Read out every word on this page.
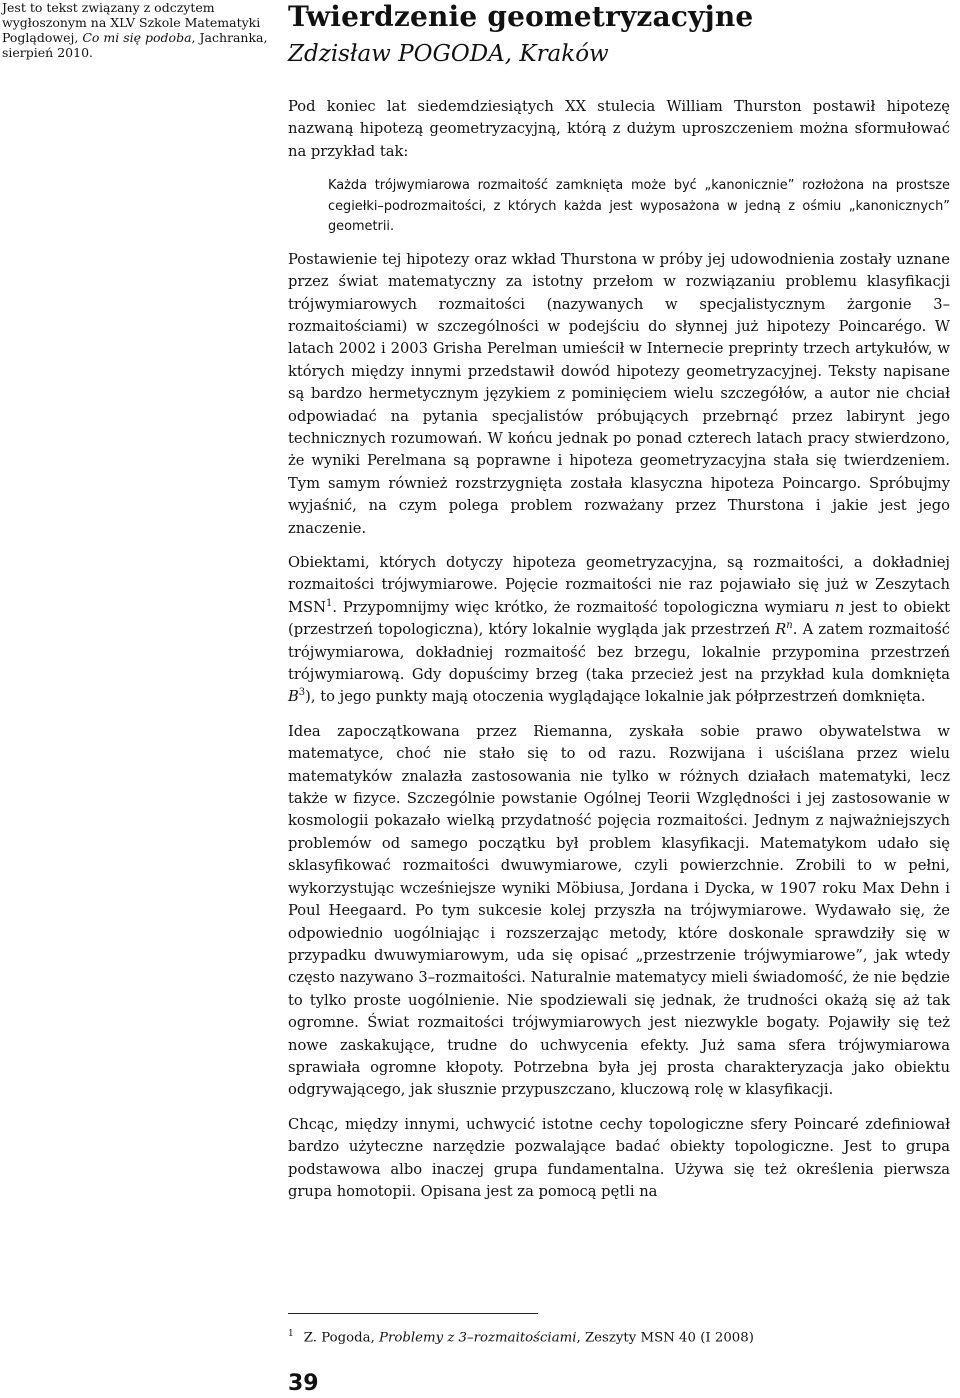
Jest to tekst związany z odczytem
wygłoszonym na XLV Szkole Matematyki
Poglądowej, Co mi się podoba, Jachranka,
sierpień 2010.
Twierdzenie geometryzacyjne
Zdzisław POGODA, Kraków

Pod koniec lat siedemdziesiątych XX stulecia William Thurston postawił hipotezę nazwaną hipotezą geometryzacyjną, którą z dużym uproszczeniem można sformułować na przykład tak:

Każda trójwymiarowa rozmaitość zamknięta może być „kanonicznie” rozłożona na prostsze cegiełki–podrozmaitości, z których każda jest wyposażona w jedną z ośmiu „kanonicznych” geometrii.

Postawienie tej hipotezy oraz wkład Thurstona w próby jej udowodnienia zostały uznane przez świat matematyczny za istotny przełom w rozwiązaniu problemu klasyfikacji trójwymiarowych rozmaitości (nazywanych w specjalistycznym żargonie 3–rozmaitościami) w szczególności w podejściu do słynnej już hipotezy Poincarégo. W latach 2002 i 2003 Grisha Perelman umieścił w Internecie preprinty trzech artykułów, w których między innymi przedstawił dowód hipotezy geometryzacyjnej. Teksty napisane są bardzo hermetycznym językiem z pominięciem wielu szczegółów, a autor nie chciał odpowiadać na pytania specjalistów próbujących przebrnąć przez labirynt jego technicznych rozumowań. W końcu jednak po ponad czterech latach pracy stwierdzono, że wyniki Perelmana są poprawne i hipoteza geometryzacyjna stała się twierdzeniem. Tym samym również rozstrzygnięta została klasyczna hipoteza Poincargo. Spróbujmy wyjaśnić, na czym polega problem rozważany przez Thurstona i jakie jest jego znaczenie.

Obiektami, których dotyczy hipoteza geometryzacyjna, są rozmaitości, a dokładniej rozmaitości trójwymiarowe. Pojęcie rozmaitości nie raz pojawiało się już w Zeszytach MSN$^1$. Przypomnijmy więc krótko, że rozmaitość topologiczna wymiaru n jest to obiekt (przestrzeń topologiczna), który lokalnie wygląda jak przestrzeń R$^n$. A zatem rozmaitość trójwymiarowa, dokładniej rozmaitość bez brzegu, lokalnie przypomina przestrzeń trójwymiarową. Gdy dopuścimy brzeg (taka przecież jest na przykład kula domknięta B$^3$), to jego punkty mają otoczenia wyglądające lokalnie jak półprzestrzeń domknięta.

Idea zapoczątkowana przez Riemanna, zyskała sobie prawo obywatelstwa w matematyce, choć nie stało się to od razu. Rozwijana i uściślana przez wielu matematyków znalazła zastosowania nie tylko w różnych działach matematyki, lecz także w fizyce. Szczególnie powstanie Ogólnej Teorii Względności i jej zastosowanie w kosmologii pokazało wielką przydatność pojęcia rozmaitości. Jednym z najważniejszych problemów od samego początku był problem klasyfikacji. Matematykom udało się sklasyfikować rozmaitości dwuwymiarowe, czyli powierzchnie. Zrobili to w pełni, wykorzystując wcześniejsze wyniki Möbiusa, Jordana i Dycka, w 1907 roku Max Dehn i Poul Heegaard. Po tym sukcesie kolej przyszła na trójwymiarowe. Wydawało się, że odpowiednio uogólniając i rozszerzając metody, które doskonale sprawdziły się w przypadku dwuwymiarowym, uda się opisać „przestrzenie trójwymiarowe”, jak wtedy często nazywano 3–rozmaitości. Naturalnie matematycy mieli świadomość, że nie będzie to tylko proste uogólnienie. Nie spodziewali się jednak, że trudności okażą się aż tak ogromne. Świat rozmaitości trójwymiarowych jest niezwykle bogaty. Pojawiły się też nowe zaskakujące, trudne do uchwycenia efekty. Już sama sfera trójwymiarowa sprawiała ogromne kłopoty. Potrzebna była jej prosta charakteryzacja jako obiektu odgrywającego, jak słusznie przypuszczano, kluczową rolę w klasyfikacji.

Chcąc, między innymi, uchwycić istotne cechy topologiczne sfery Poincaré zdefiniował bardzo użyteczne narzędzie pozwalające badać obiekty topologiczne. Jest to grupa podstawowa albo inaczej grupa fundamentalna. Używa się też określenia pierwsza grupa homotopii. Opisana jest za pomocą pętli na

$^1$ Z. Pogoda, Problemy z 3–rozmaitościami, Zeszyty MSN 40 (I 2008)
39
